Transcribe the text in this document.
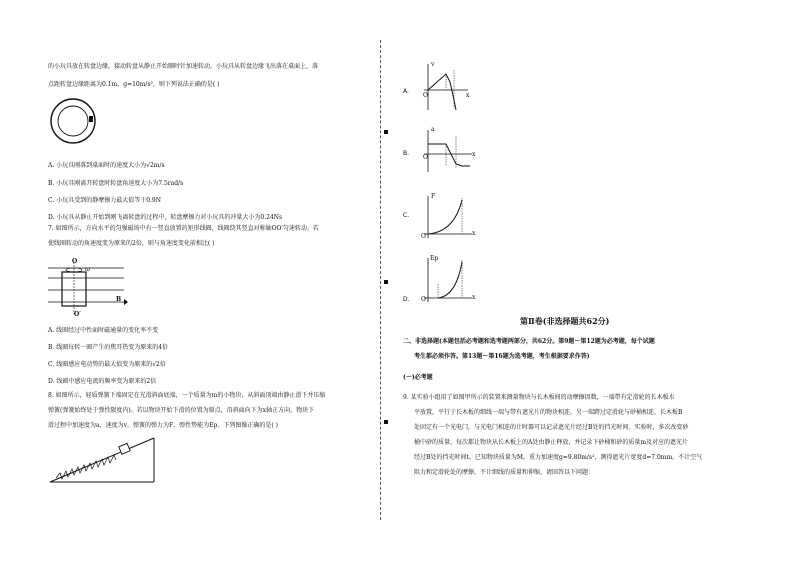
的小玩具放在转盘边缘，接动转盘从静止开始顺时针加速转动，小玩具从转盘边缘飞出落在桌面上，落
点距转盘边缘距离为0.1m，g=10m/s²，则下列说法正确的是( )
A. 小玩具刚落到桌面时的速度大小为√2m/s
B. 小玩具刚离开转盘时转盘角速度大小为7.5rad/s
C. 小玩具受到的静摩擦力最大值等于0.9N
D. 小玩具从静止开始到刚飞离转盘的过程中，转盘摩擦力对小玩具的冲量大小为0.24Ns
7. 如图所示，方向水平的匀强磁场中有一竖直放置的矩形线圈，线圈绕其竖直对称轴OO′匀速转动。若
使线圈转动的角速度变为原来的2倍，则与角速度变化前相比( )
O
ω
B
O′
A. 线圈经过中性面时磁通量的变化率不变
B. 线圈每转一圈产生的焦耳热变为原来的4倍
C. 线圈感应电动势的最大值变为原来的√2倍
D. 线圈中感应电流的频率变为原来的2倍
8. 如图所示，轻质弹簧下端固定在光滑斜面底端，一个质量为m的小物块，从斜面顶端由静止滑下并压缩
弹簧(弹簧始终处于弹性限度内)。若以物块开始下滑的位置为原点，沿斜面向下为x轴正方向，物块下
滑过程中加速度为a，速度为v，弹簧的弹力为F，弹性势能为Ep。下列图像正确的是( )
A.
v
x
O
B.
a
x
O
C.
F
x
O
D.
Ep
x
O
第Ⅱ卷(非选择题共62分)
二、非选择题(本题包括必考题和选考题两部分，共62分。第9题～第12题为必考题，每个试题
考生都必须作答。第13题～第16题为选考题，考生根据要求作答)
(一)必考题
9. 某实验小组用了如图甲所示的装置来测量物块与长木板间的动摩擦因数，一端带有定滑轮的长木板水
平放置，平行于长木板的细线一端与带有遮光片的物块相连，另一端跨过定滑轮与砂桶相连，长木板B
处固定有一个光电门，与光电门相连的计时器可以记录遮光片经过B处的挡光时间。实验时，多次改变砂
桶中砂的质量，每次都让物块从长木板上的A处由静止释放，并记录下砂桶和砂的质量m及对应的遮光片
经过B处的挡光时间t。已知物块质量为M，重力加速度g=9.80m/s²，测得遮光片宽度d=7.0mm，不计空气
阻力和定滑轮处的摩擦，不计细线的质量和伸缩，请回答以下问题：
